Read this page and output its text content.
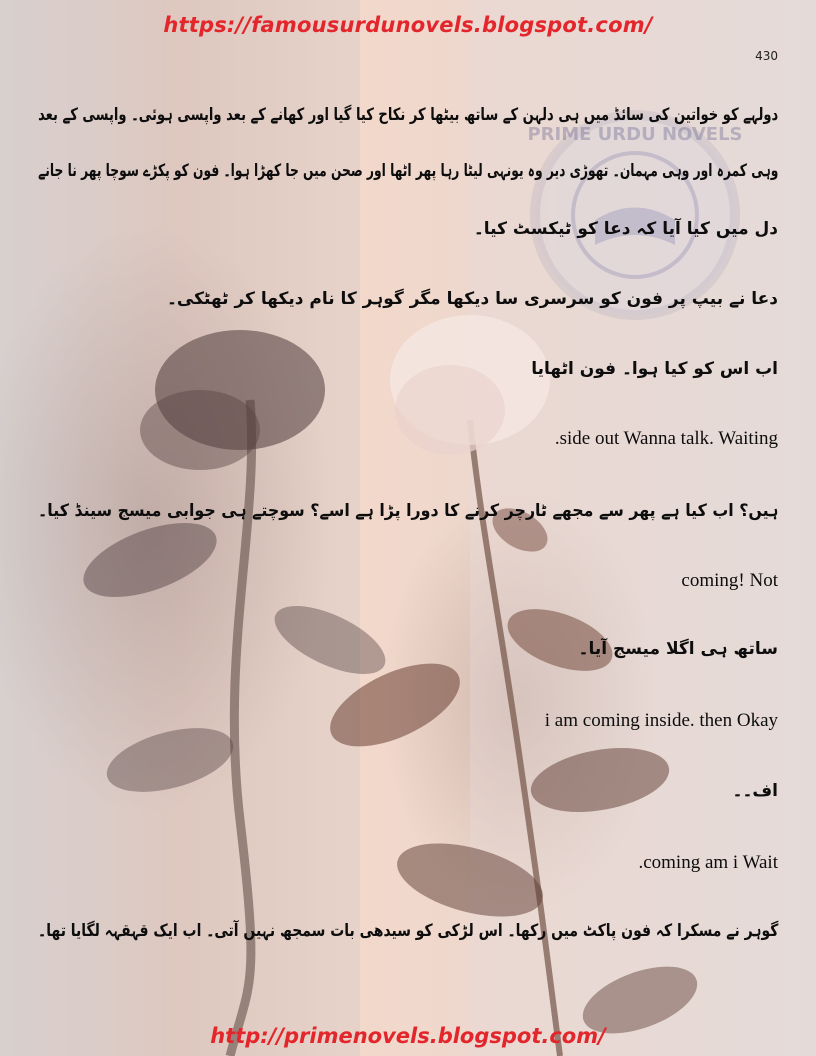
PRIME URDU NOVELS
https://famousurdunovels.blogspot.com/
430
دولہے کو خواتین کی سائڈ میں ہی دلہن کے ساتھ بیٹھا کر نکاح کیا گیا اور کھانے کے بعد واپسی ہوئی۔ واپسی کے بعد
وہی کمرہ اور وہی مہمان۔ تھوڑی دیر وہ یونہی لیٹا رہا پھر اٹھا اور صحن میں جا کھڑا ہوا۔ فون کو پکڑے سوچا پھر نا جانے
دل میں کیا آیا کہ دعا کو ٹیکسٹ کیا۔
دعا نے بیپ پر فون کو سرسری سا دیکھا مگر گوہر کا نام دیکھا کر ٹھٹکی۔
اب اس کو کیا ہوا۔ فون اٹھایا
.side out Wanna talk. Waiting
ہیں؟ اب کیا ہے پھر سے مجھے ٹارچر کرنے کا دورا پڑا ہے اسے؟ سوچتے ہی جوابی میسج سینڈ کیا۔
coming! Not
ساتھ ہی اگلا میسج آیا۔
i am coming inside. then Okay
اف۔۔
.coming am i Wait
گوہر نے مسکرا کہ فون پاکٹ میں رکھا۔ اس لڑکی کو سیدھی بات سمجھ نہیں آتی۔ اب ایک قہقہہ لگایا تھا۔
http://primenovels.blogspot.com/
